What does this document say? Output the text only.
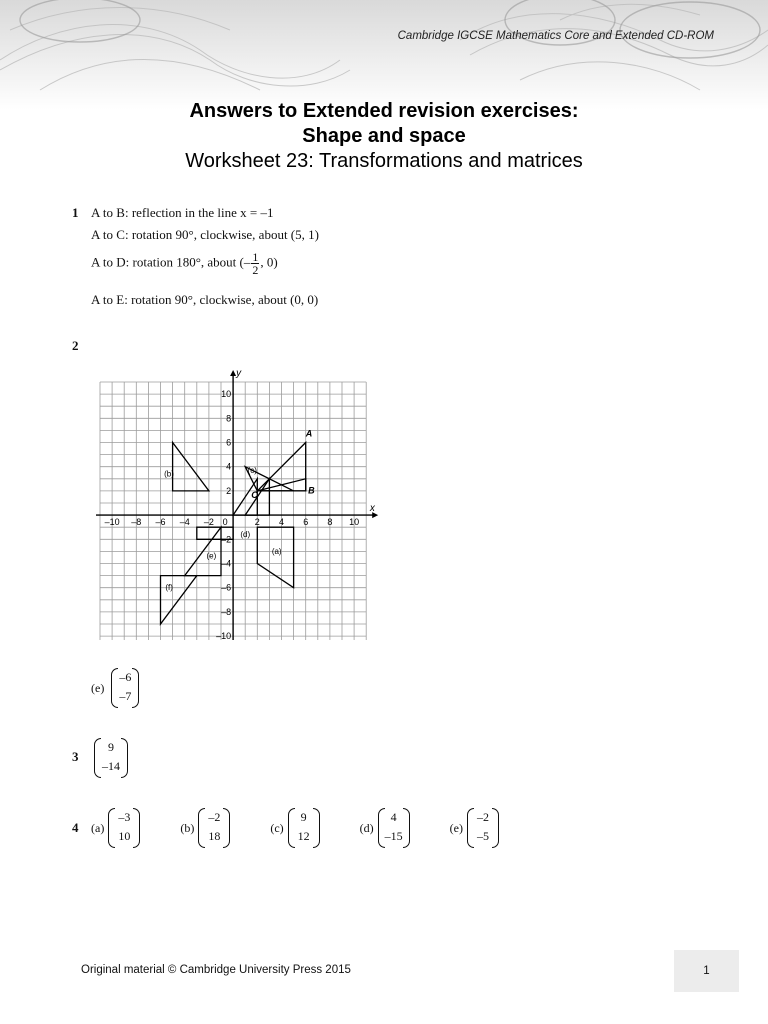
Cambridge IGCSE Mathematics Core and Extended CD-ROM
Answers to Extended revision exercises:
Shape and space
Worksheet 23: Transformations and matrices
1 A to B: reflection in the line x = –1
A to C: rotation 90°, clockwise, about (5, 1)
A to D: rotation 180°, about (– $\frac{1}{2}$ , 0)
A to E: rotation 90°, clockwise, about (0, 0)
2
–10 –8 –6 –4 –2 0	2 4 6 8 10
10
8
6
4
2
–2
–4
–6
–8
–10
x
y
A
B
C
(a)
(b)	(c)
(d)
(e)
(f)
(e)
–6
–7
3
9
–14
4 (a)
–3
10
(b)
–2
18
(c)
9
12
(d)
4
–15
(e)
–2
–5
Original material © Cambridge University Press 2015	1
